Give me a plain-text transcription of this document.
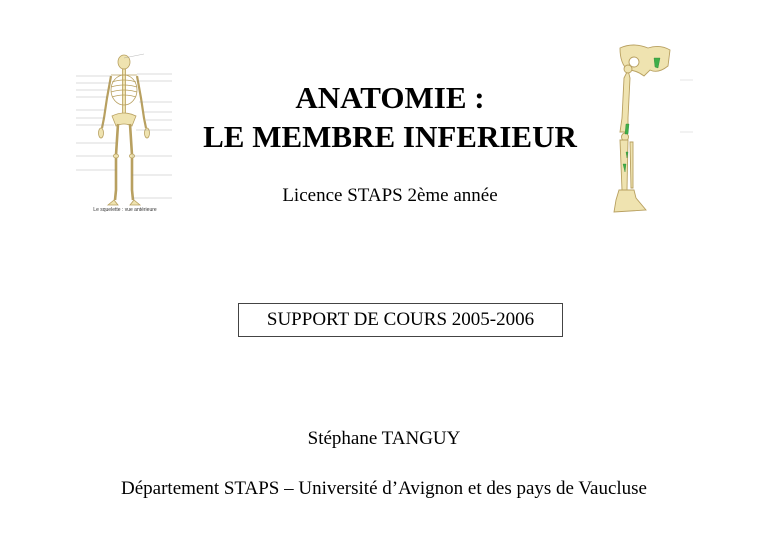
Le squelette : vue antérieure
ANATOMIE :
LE MEMBRE INFERIEUR
Licence STAPS 2ème année
SUPPORT DE COURS 2005-2006
Stéphane TANGUY
Département STAPS – Université d’Avignon et des pays de Vaucluse
